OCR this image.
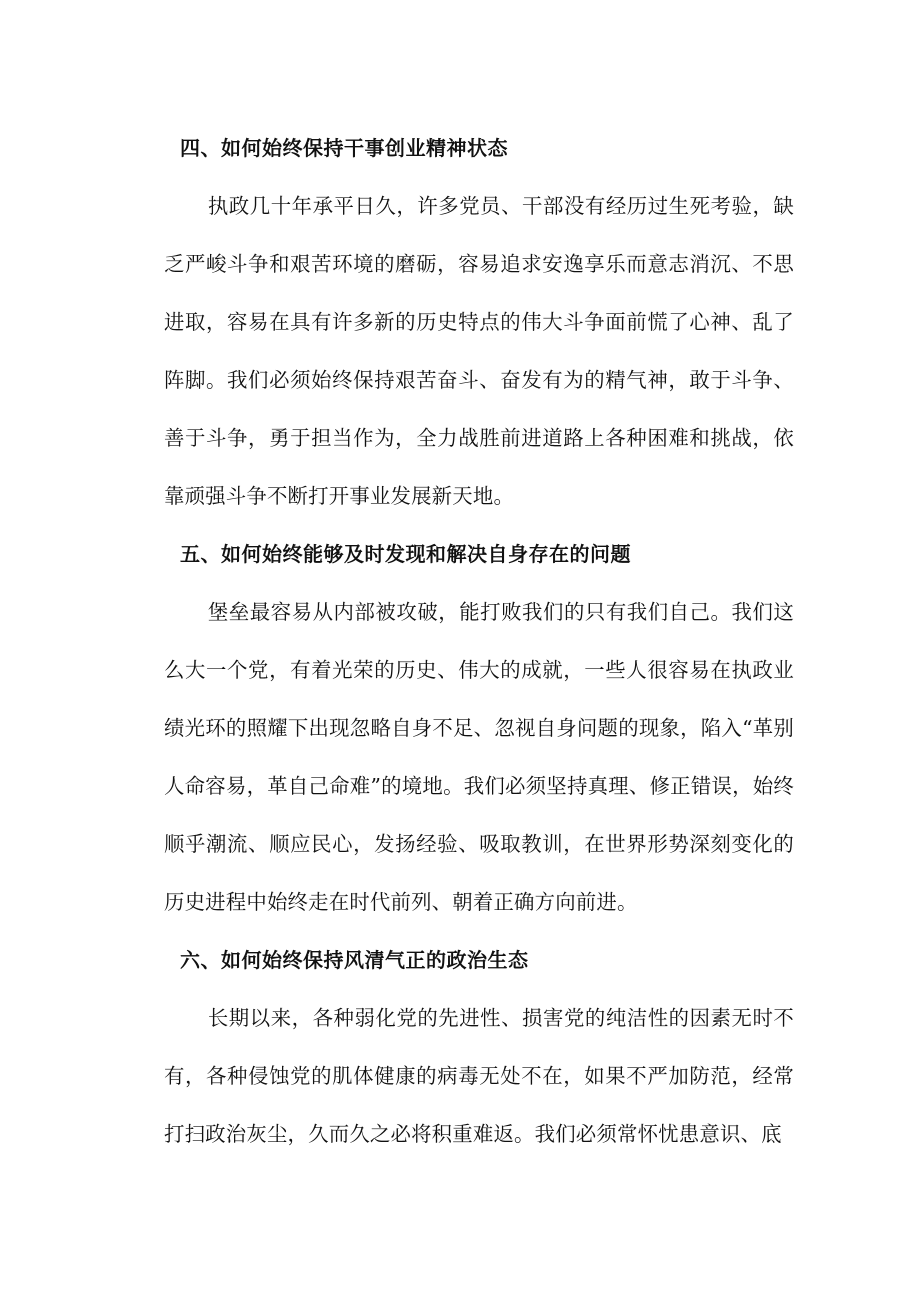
四、如何始终保持干事创业精神状态

执政几十年承平日久，许多党员、干部没有经历过生死考验，缺乏严峻斗争和艰苦环境的磨砺，容易追求安逸享乐而意志消沉、不思进取，容易在具有许多新的历史特点的伟大斗争面前慌了心神、乱了阵脚。我们必须始终保持艰苦奋斗、奋发有为的精气神，敢于斗争、善于斗争，勇于担当作为，全力战胜前进道路上各种困难和挑战，依靠顽强斗争不断打开事业发展新天地。

五、如何始终能够及时发现和解决自身存在的问题

堡垒最容易从内部被攻破，能打败我们的只有我们自己。我们这么大一个党，有着光荣的历史、伟大的成就，一些人很容易在执政业绩光环的照耀下出现忽略自身不足、忽视自身问题的现象，陷入“革别人命容易，革自己命难”的境地。我们必须坚持真理、修正错误，始终顺乎潮流、顺应民心，发扬经验、吸取教训，在世界形势深刻变化的历史进程中始终走在时代前列、朝着正确方向前进。

六、如何始终保持风清气正的政治生态

长期以来，各种弱化党的先进性、损害党的纯洁性的因素无时不有，各种侵蚀党的肌体健康的病毒无处不在，如果不严加防范，经常打扫政治灰尘，久而久之必将积重难返。我们必须常怀忧患意识、底
